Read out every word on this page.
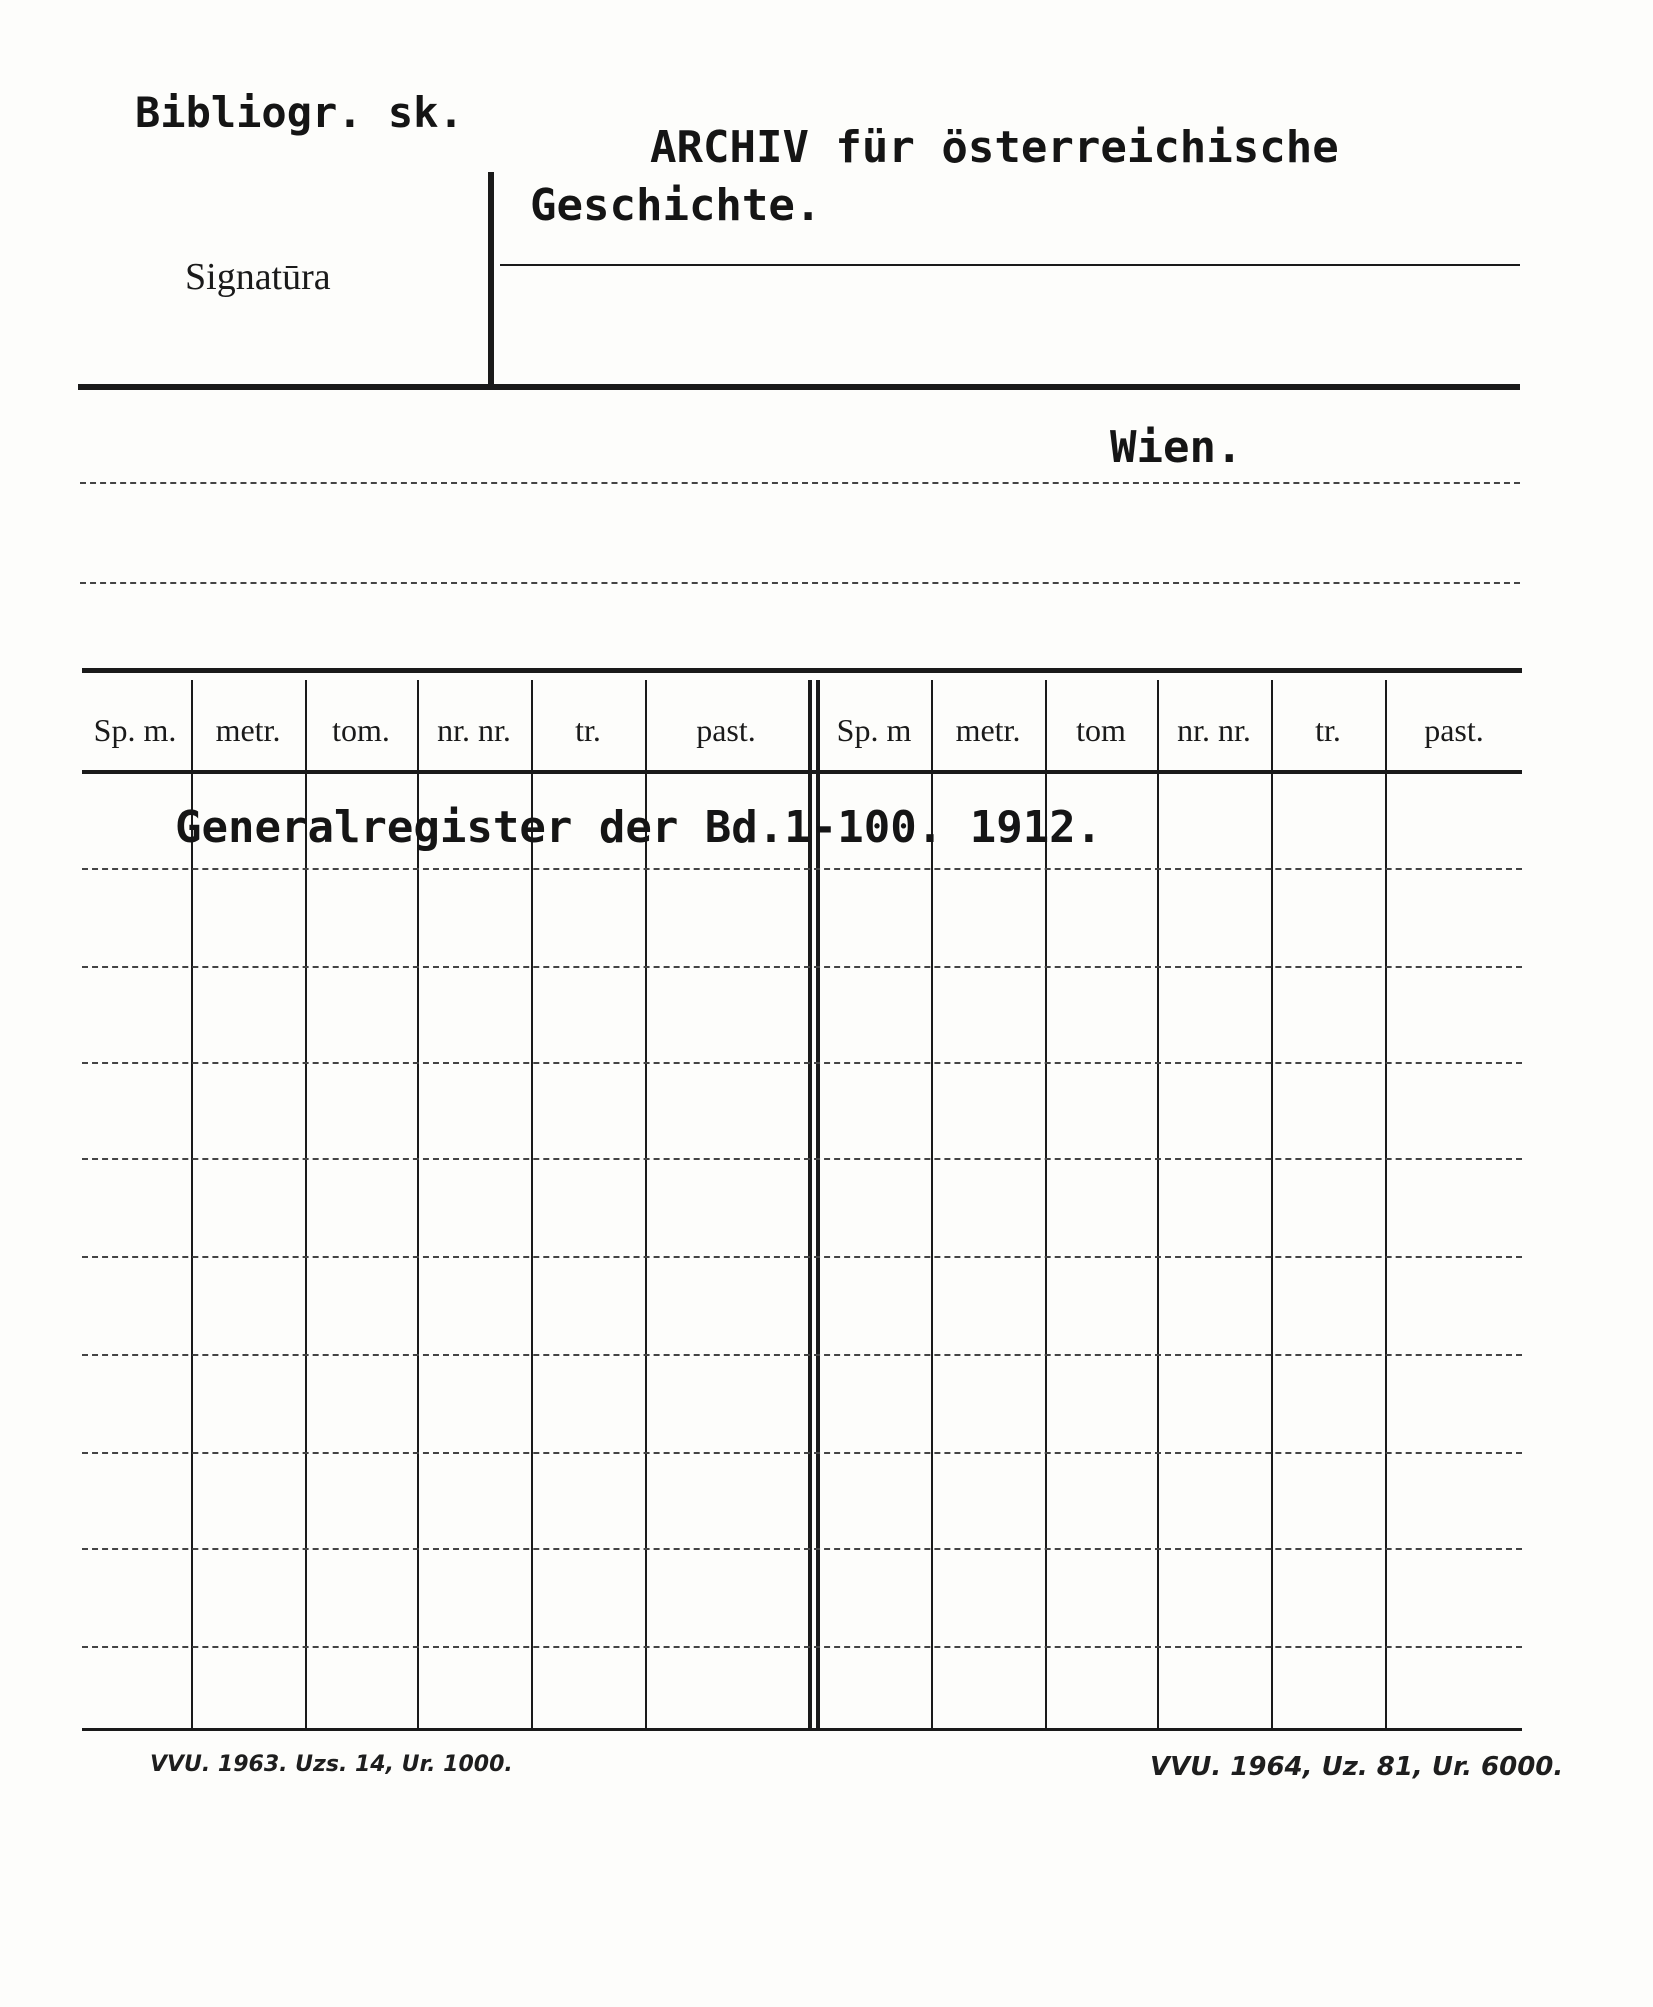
Bibliogr. sk.
Signatūra
ARCHIV für österreichische
Geschichte.
Wien.
Sp. m.	metr.	tom.	nr. nr.	tr.	past.	Sp. m	metr.	tom	nr. nr.	tr.	past.
Generalregister der Bd.1-100. 1912.
VVU. 1963. Uzs. 14, Ur. 1000.	VVU. 1964, Uz. 81, Ur. 6000.
